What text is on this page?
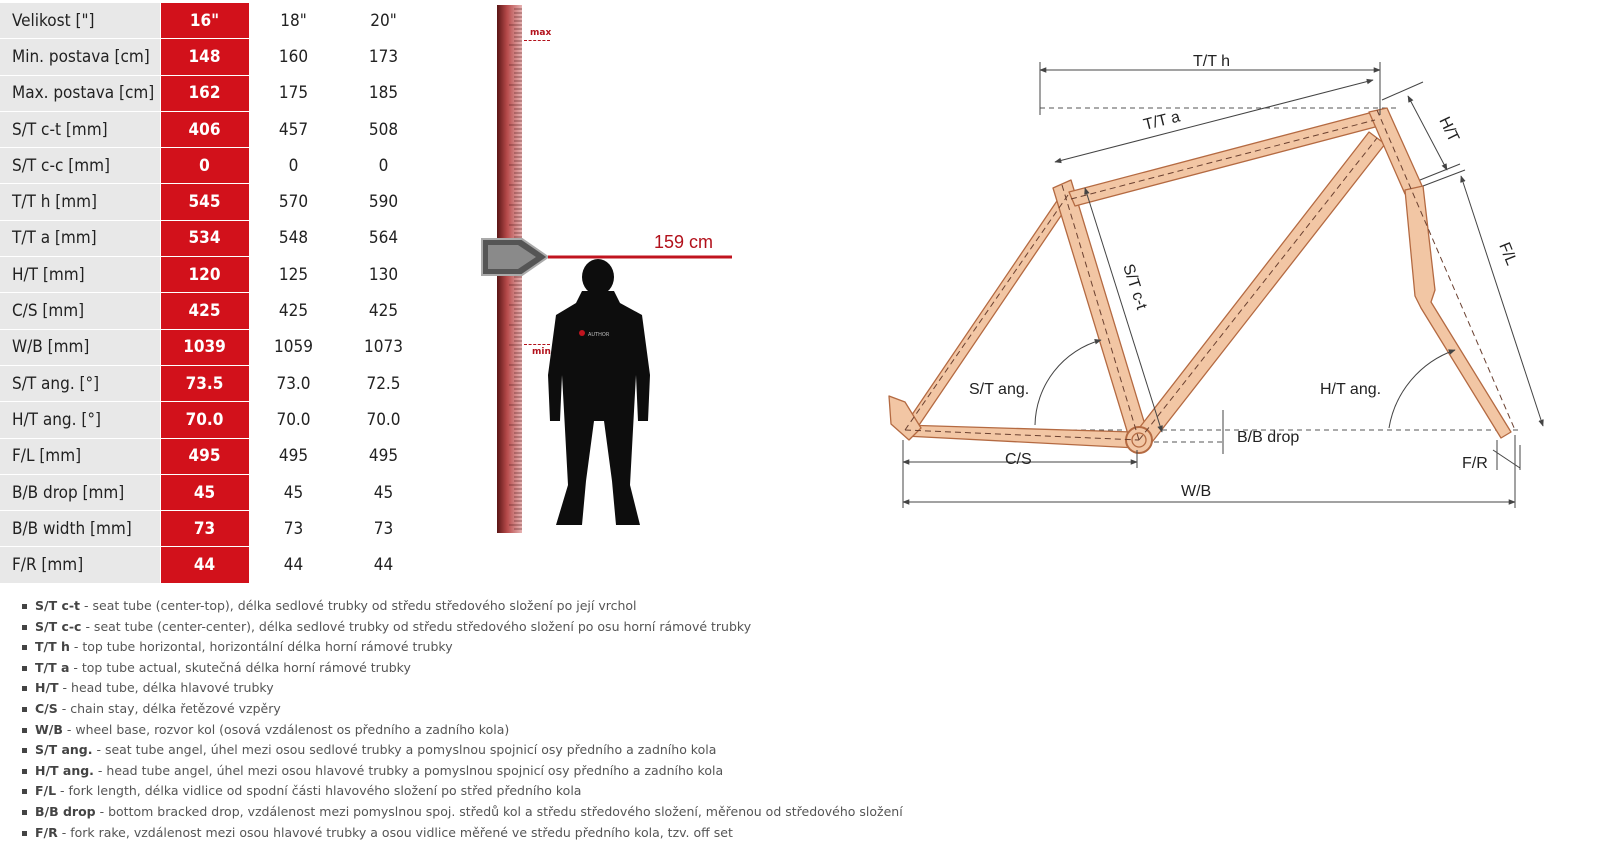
Velikost ["]	16"	18"	20"
Min. postava [cm]	148	160	173
Max. postava [cm]	162	175	185
S/T c-t [mm]	406	457	508
S/T c-c [mm]	0	0	0
T/T h [mm]	545	570	590
T/T a [mm]	534	548	564
H/T [mm]	120	125	130
C/S [mm]	425	425	425
W/B [mm]	1039	1059	1073
S/T ang. [°]	73.5	73.0	72.5
H/T ang. [°]	70.0	70.0	70.0
F/L [mm]	495	495	495
B/B drop [mm]	45	45	45
B/B width [mm]	73	73	73
F/R [mm]	44	44	44
max
min
AUTHOR
159 cm
T/T h
T/T a	H/T
S/T c-t
F/L
S/T ang.	H/T ang.
B/B drop
C/S
W/B
F/R
S/T c-t - seat tube (center-top), délka sedlové trubky od středu středového složení po její vrchol
S/T c-c - seat tube (center-center), délka sedlové trubky od středu středového složení po osu horní rámové trubky
T/T h - top tube horizontal, horizontální délka horní rámové trubky
T/T a - top tube actual, skutečná délka horní rámové trubky
H/T - head tube, délka hlavové trubky
C/S - chain stay, délka řetězové vzpěry
W/B - wheel base, rozvor kol (osová vzdálenost os předního a zadního kola)
S/T ang. - seat tube angel, úhel mezi osou sedlové trubky a pomyslnou spojnicí osy předního a zadního kola
H/T ang. - head tube angel, úhel mezi osou hlavové trubky a pomyslnou spojnicí osy předního a zadního kola
F/L - fork length, délka vidlice od spodní části hlavového složení po střed předního kola
B/B drop - bottom bracked drop, vzdálenost mezi pomyslnou spoj. středů kol a středu středového složení, měřenou od středového složení
F/R - fork rake, vzdálenost mezi osou hlavové trubky a osou vidlice měřené ve středu předního kola, tzv. off set
